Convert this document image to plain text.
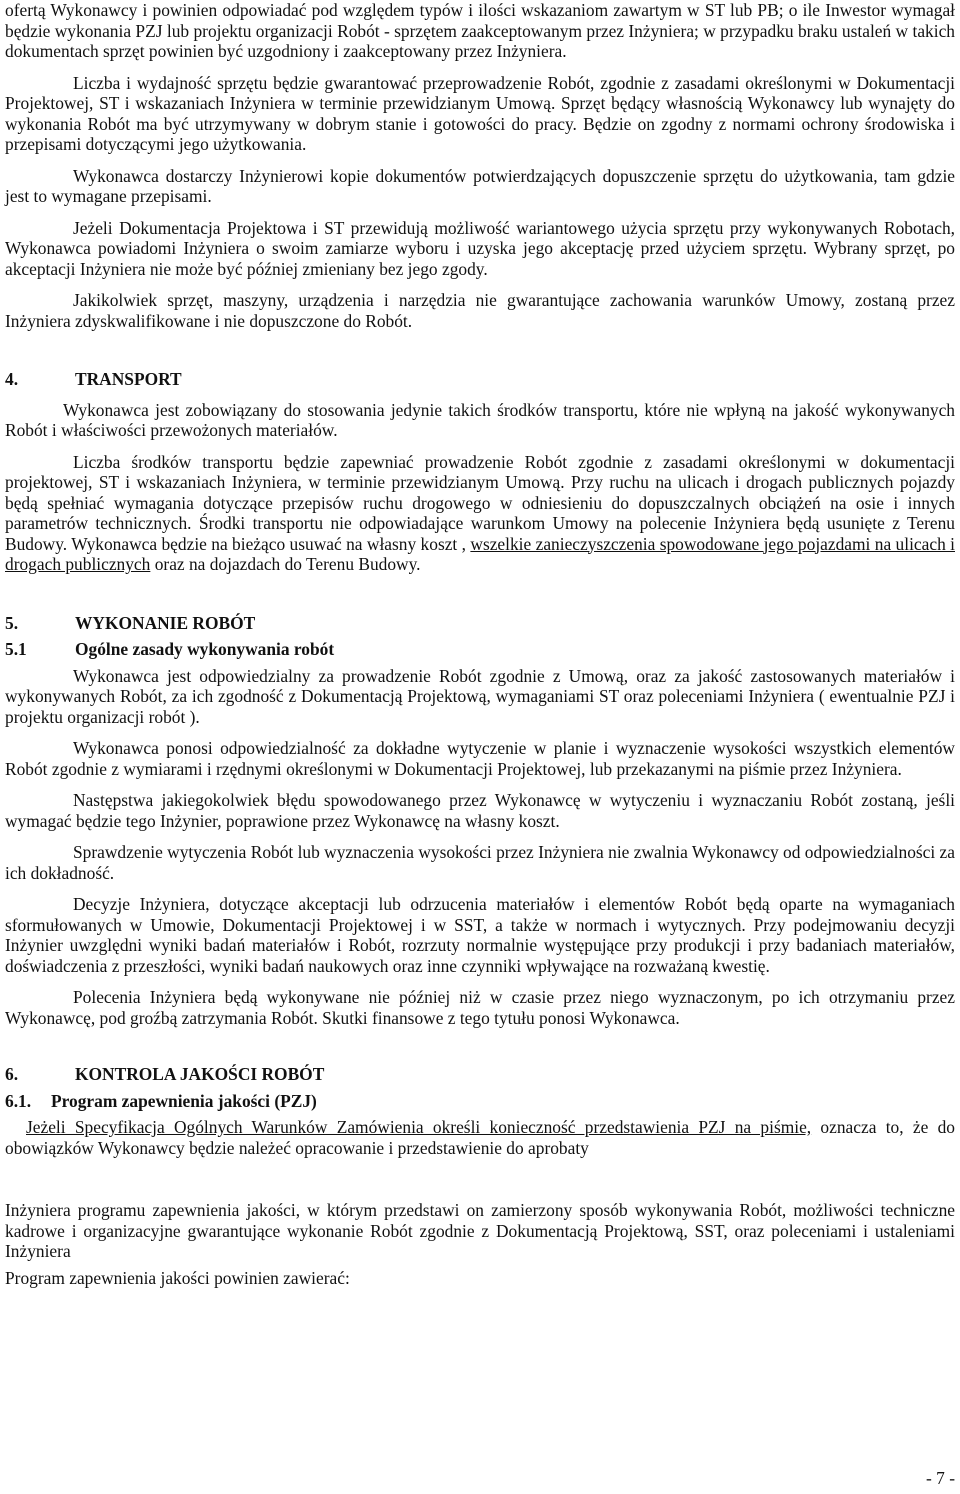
ofertą Wykonawcy i powinien odpowiadać pod względem typów i ilości wskazaniom zawartym w ST lub PB; o ile Inwestor wymagał będzie wykonania PZJ lub projektu organizacji Robót - sprzętem zaakceptowanym przez Inżyniera; w przypadku braku ustaleń w takich dokumentach sprzęt powinien być uzgodniony i zaakceptowany przez Inżyniera.

Liczba i wydajność sprzętu będzie gwarantować przeprowadzenie Robót, zgodnie z zasadami określonymi w Dokumentacji Projektowej, ST i wskazaniach Inżyniera w terminie przewidzianym Umową. Sprzęt będący własnością Wykonawcy lub wynajęty do wykonania Robót ma być utrzymywany w dobrym stanie i gotowości do pracy. Będzie on zgodny z normami ochrony środowiska i przepisami dotyczącymi jego użytkowania.

Wykonawca dostarczy Inżynierowi kopie dokumentów potwierdzających dopuszczenie sprzętu do użytkowania, tam gdzie jest to wymagane przepisami.

Jeżeli Dokumentacja Projektowa i ST przewidują możliwość wariantowego użycia sprzętu przy wykonywanych Robotach, Wykonawca powiadomi Inżyniera o swoim zamiarze wyboru i uzyska jego akceptację przed użyciem sprzętu. Wybrany sprzęt, po akceptacji Inżyniera nie może być później zmieniany bez jego zgody.

Jakikolwiek sprzęt, maszyny, urządzenia i narzędzia nie gwarantujące zachowania warunków Umowy, zostaną przez Inżyniera zdyskwalifikowane i nie dopuszczone do Robót.

4.	TRANSPORT

Wykonawca jest zobowiązany do stosowania jedynie takich środków transportu, które nie wpłyną na jakość wykonywanych Robót i właściwości przewożonych materiałów.

Liczba środków transportu będzie zapewniać prowadzenie Robót zgodnie z zasadami określonymi w dokumentacji projektowej, ST i wskazaniach Inżyniera, w terminie przewidzianym Umową. Przy ruchu na ulicach i drogach publicznych pojazdy będą spełniać wymagania dotyczące przepisów ruchu drogowego w odniesieniu do dopuszczalnych obciążeń na osie i innych parametrów technicznych. Środki transportu nie odpowiadające warunkom Umowy na polecenie Inżyniera będą usunięte z Terenu Budowy. Wykonawca będzie na bieżąco usuwać na własny koszt , wszelkie zanieczyszczenia spowodowane jego pojazdami na ulicach i drogach publicznych oraz na dojazdach do Terenu Budowy.

5.	WYKONANIE ROBÓT
5.1	Ogólne zasady wykonywania robót

Wykonawca jest odpowiedzialny za prowadzenie Robót zgodnie z Umową, oraz za jakość zastosowanych materiałów i wykonywanych Robót, za ich zgodność z Dokumentacją Projektową, wymaganiami ST oraz poleceniami Inżyniera ( ewentualnie PZJ i projektu organizacji robót ).

Wykonawca ponosi odpowiedzialność za dokładne wytyczenie w planie i wyznaczenie wysokości wszystkich elementów Robót zgodnie z wymiarami i rzędnymi określonymi w Dokumentacji Projektowej, lub przekazanymi na piśmie przez Inżyniera.

Następstwa jakiegokolwiek błędu spowodowanego przez Wykonawcę w wytyczeniu i wyznaczaniu Robót zostaną, jeśli wymagać będzie tego Inżynier, poprawione przez Wykonawcę na własny koszt.

Sprawdzenie wytyczenia Robót lub wyznaczenia wysokości przez Inżyniera nie zwalnia Wykonawcy od odpowiedzialności za ich dokładność.

Decyzje Inżyniera, dotyczące akceptacji lub odrzucenia materiałów i elementów Robót będą oparte na wymaganiach sformułowanych w Umowie, Dokumentacji Projektowej i w SST, a także w normach i wytycznych. Przy podejmowaniu decyzji Inżynier uwzględni wyniki badań materiałów i Robót, rozrzuty normalnie występujące przy produkcji i przy badaniach materiałów, doświadczenia z przeszłości, wyniki badań naukowych oraz inne czynniki wpływające na rozważaną kwestię.

Polecenia Inżyniera będą wykonywane nie później niż w czasie przez niego wyznaczonym, po ich otrzymaniu przez Wykonawcę, pod groźbą zatrzymania Robót. Skutki finansowe z tego tytułu ponosi Wykonawca.

6.	KONTROLA JAKOŚCI ROBÓT
6.1.	Program zapewnienia jakości (PZJ)

Jeżeli Specyfikacja Ogólnych Warunków Zamówienia określi konieczność przedstawienia PZJ na piśmie, oznacza to, że do obowiązków Wykonawcy będzie należeć opracowanie i przedstawienie do aprobaty

Inżyniera programu zapewnienia jakości, w którym przedstawi on zamierzony sposób wykonywania Robót, możliwości techniczne kadrowe i organizacyjne gwarantujące wykonanie Robót zgodnie z Dokumentacją Projektową, SST, oraz poleceniami i ustaleniami Inżyniera

Program zapewnienia jakości powinien zawierać:

- 7 -
